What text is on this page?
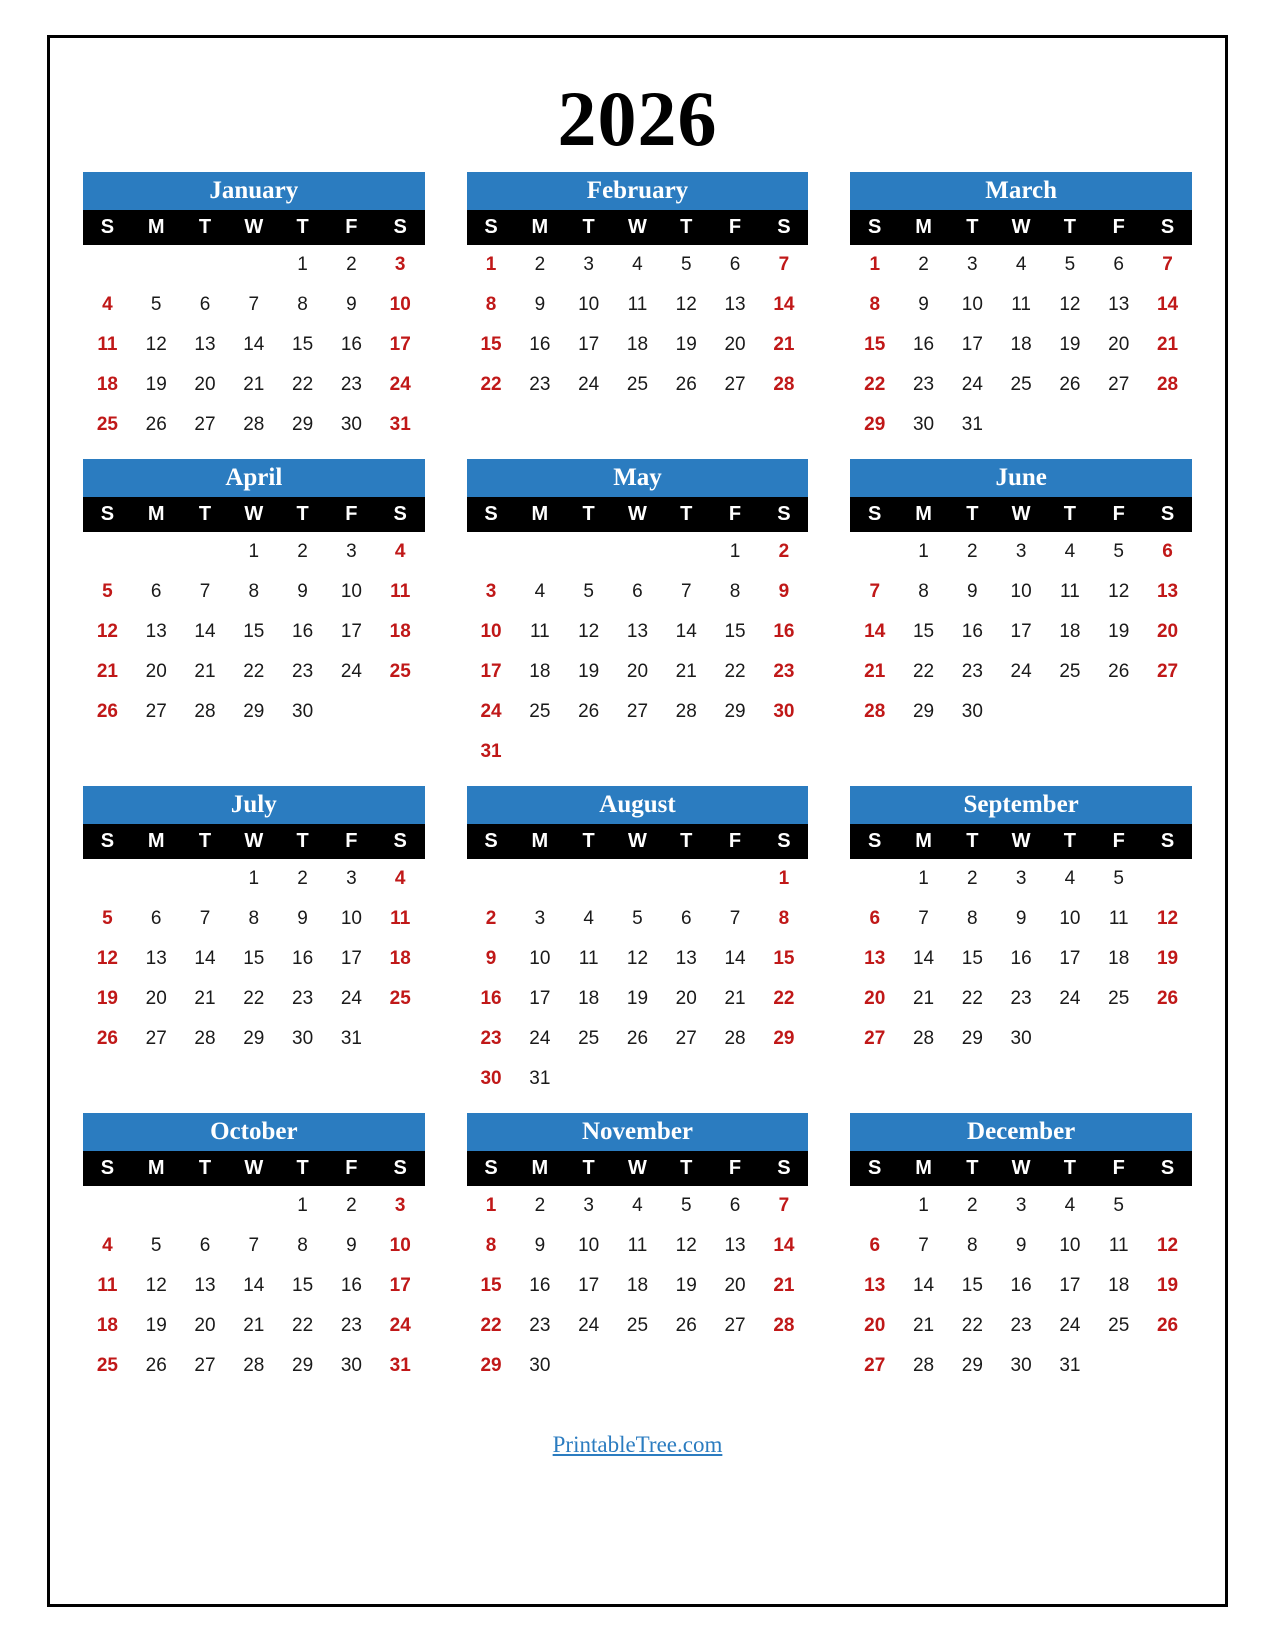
2026
January
S	M	T	W	T	F	S
				1	2	3
4	5	6	7	8	9	10
11	12	13	14	15	16	17
18	19	20	21	22	23	24
25	26	27	28	29	30	31
February
S	M	T	W	T	F	S
1	2	3	4	5	6	7
8	9	10	11	12	13	14
15	16	17	18	19	20	21
22	23	24	25	26	27	28
March
S	M	T	W	T	F	S
1	2	3	4	5	6	7
8	9	10	11	12	13	14
15	16	17	18	19	20	21
22	23	24	25	26	27	28
29	30	31				
April
S	M	T	W	T	F	S
			1	2	3	4
5	6	7	8	9	10	11
12	13	14	15	16	17	18
21	20	21	22	23	24	25
26	27	28	29	30		
May
S	M	T	W	T	F	S
					1	2
3	4	5	6	7	8	9
10	11	12	13	14	15	16
17	18	19	20	21	22	23
24	25	26	27	28	29	30
31						
June
S	M	T	W	T	F	S
	1	2	3	4	5	6
7	8	9	10	11	12	13
14	15	16	17	18	19	20
21	22	23	24	25	26	27
28	29	30				
July
S	M	T	W	T	F	S
			1	2	3	4
5	6	7	8	9	10	11
12	13	14	15	16	17	18
19	20	21	22	23	24	25
26	27	28	29	30	31	
August
S	M	T	W	T	F	S
						1
2	3	4	5	6	7	8
9	10	11	12	13	14	15
16	17	18	19	20	21	22
23	24	25	26	27	28	29
30	31					
September
S	M	T	W	T	F	S
	1	2	3	4	5	
6	7	8	9	10	11	12
13	14	15	16	17	18	19
20	21	22	23	24	25	26
27	28	29	30			
October
S	M	T	W	T	F	S
				1	2	3
4	5	6	7	8	9	10
11	12	13	14	15	16	17
18	19	20	21	22	23	24
25	26	27	28	29	30	31
November
S	M	T	W	T	F	S
1	2	3	4	5	6	7
8	9	10	11	12	13	14
15	16	17	18	19	20	21
22	23	24	25	26	27	28
29	30					
December
S	M	T	W	T	F	S
	1	2	3	4	5	
6	7	8	9	10	11	12
13	14	15	16	17	18	19
20	21	22	23	24	25	26
27	28	29	30	31		
PrintableTree.com
